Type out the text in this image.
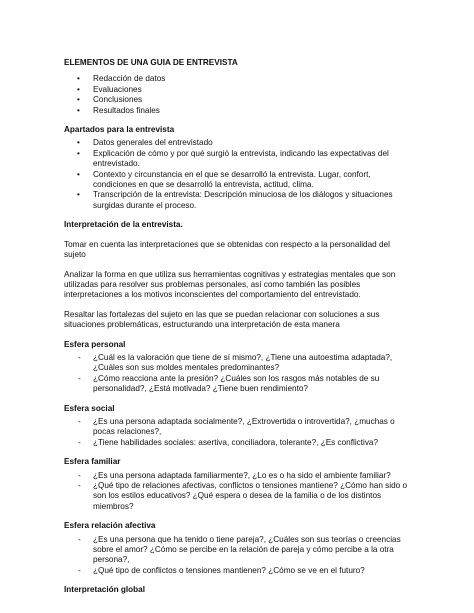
ELEMENTOS DE UNA GUIA DE ENTREVISTA

• Redacción de datos
• Evaluaciones
• Conclusiones
• Resultados finales

Apartados para la entrevista

• Datos generales del entrevistado
• Explicación de cómo y por qué surgió la entrevista, indicando las expectativas del entrevistado.
• Contexto y circunstancia en el que se desarrolló la entrevista. Lugar, confort, condiciones en que se desarrolló la entrevista, actitud, clima.
• Transcripción de la entrevista: Descripción minuciosa de los diálogos y situaciones surgidas durante el proceso.

Interpretación de la entrevista.

Tomar en cuenta las interpretaciones que se obtenidas con respecto a la personalidad del sujeto

Analizar la forma en que utiliza sus herramientas cognitivas y estrategias mentales que son utilizadas para resolver sus problemas personales, así como también las posibles interpretaciones a los motivos inconscientes del comportamiento del entrevistado.

Resaltar las fortalezas del sujeto en las que se puedan relacionar con soluciones a sus situaciones problemáticas, estructurando una interpretación de esta manera

Esfera personal

- ¿Cuál es la valoración que tiene de sí mismo?, ¿Tiene una autoestima adaptada?, ¿Cuáles son sus moldes mentales predominantes?
- ¿Cómo reacciona ante la presión? ¿Cuáles son los rasgos más notables de su personalidad?, ¿Está motivada? ¿Tiene buen rendimiento?

Esfera social

- ¿Es una persona adaptada socialmente?, ¿Extrovertida o introvertida?, ¿muchas o pocas relaciones?,
- ¿Tiene habilidades sociales: asertiva, conciliadora, tolerante?, ¿Es conflictiva?

Esfera familiar

- ¿Es una persona adaptada familiarmente?, ¿Lo es o ha sido el ambiente familiar?
- ¿Qué tipo de relaciones afectivas, conflictos o tensiones mantiene? ¿Cómo han sido o son los estilos educativos? ¿Qué espera o desea de la familia o de los distintos miembros?

Esfera relación afectiva

- ¿Es una persona que ha tenido o tiene pareja?, ¿Cuáles son sus teorías o creencias sobre el amor? ¿Cómo se percibe en la relación de pareja y cómo percibe a la otra persona?,
- ¿Qué tipo de conflictos o tensiones mantienen? ¿Cómo se ve en el futuro?

Interpretación global
